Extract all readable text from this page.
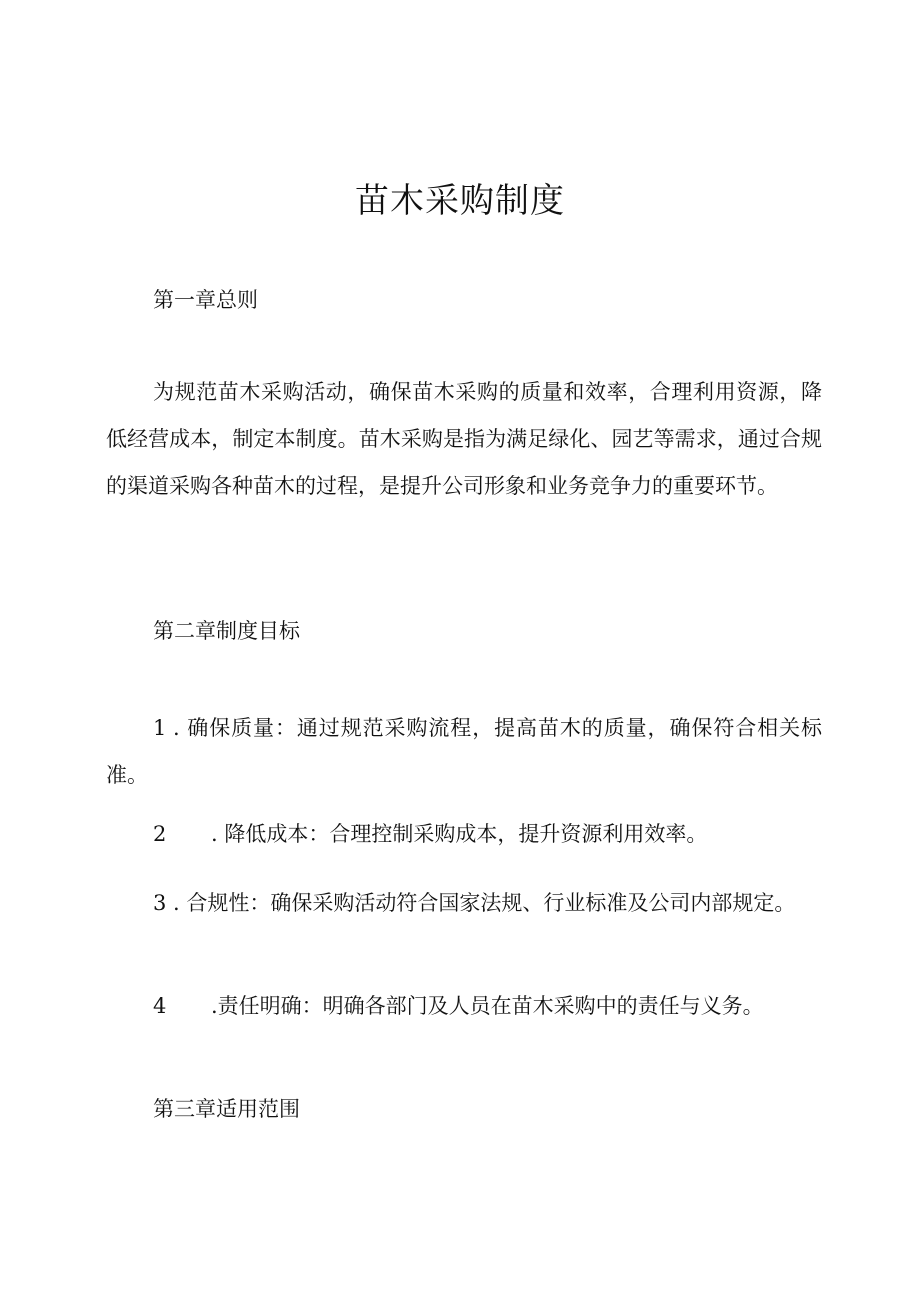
苗木采购制度

第一章总则

为规范苗木采购活动，确保苗木采购的质量和效率，合理利用资源，降低经营成本，制定本制度。苗木采购是指为满足绿化、园艺等需求，通过合规的渠道采购各种苗木的过程，是提升公司形象和业务竞争力的重要环节。

第二章制度目标

1 . 确保质量：通过规范采购流程，提高苗木的质量，确保符合相关标准。

2 . 降低成本：合理控制采购成本，提升资源利用效率。

3 . 合规性：确保采购活动符合国家法规、行业标准及公司内部规定。

4 .责任明确：明确各部门及人员在苗木采购中的责任与义务。

第三章适用范围
